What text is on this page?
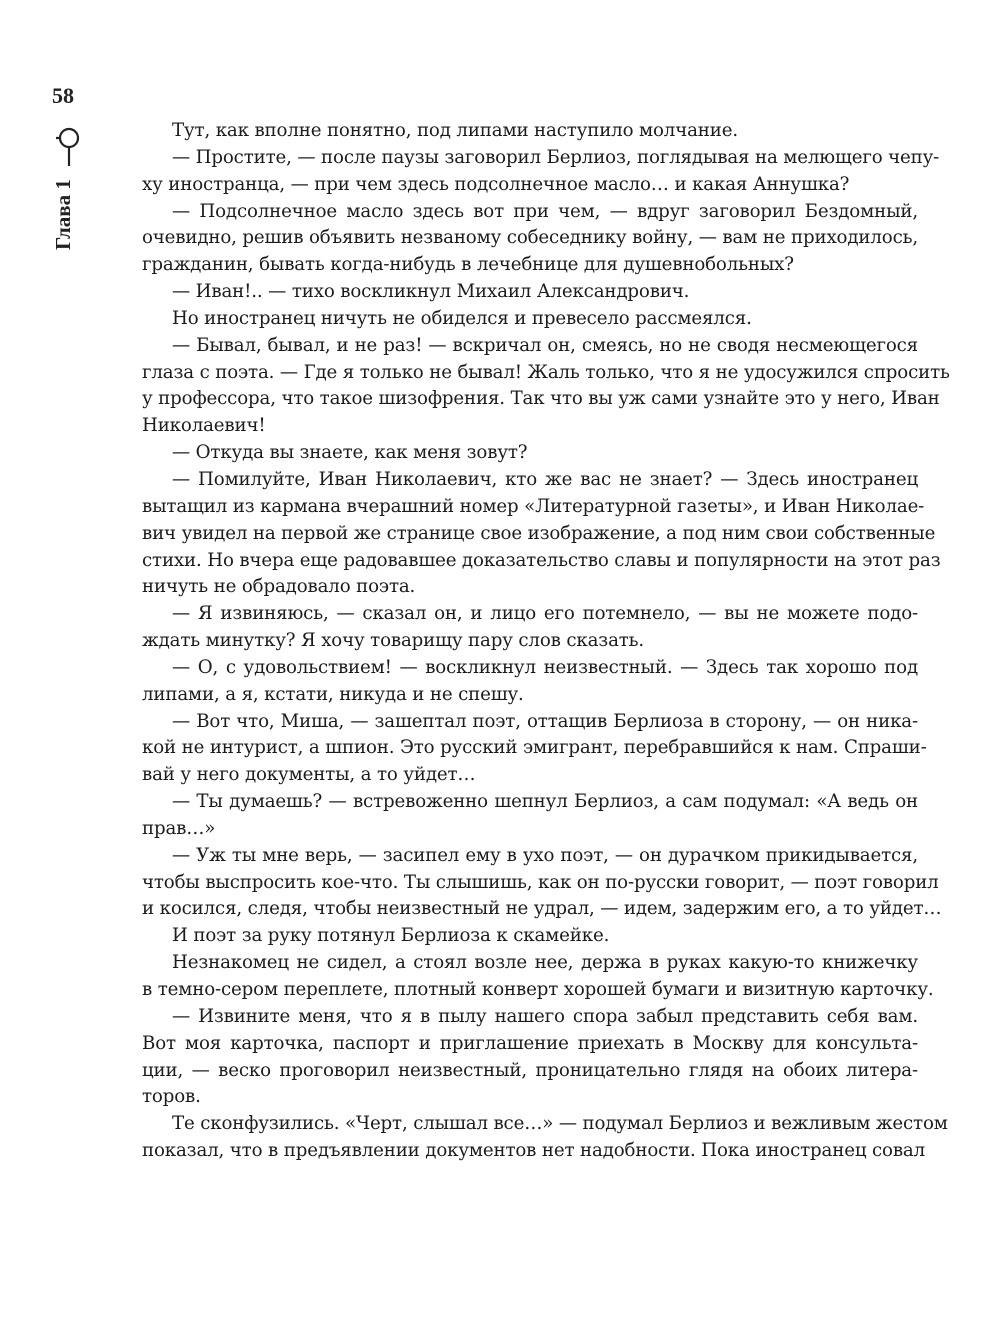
58
Глава 1
Тут, как вполне понятно, под липами наступило молчание.
— Простите, — после паузы заговорил Берлиоз, поглядывая на мелющего чепу-
ху иностранца, — при чем здесь подсолнечное масло… и какая Аннушка?
— Подсолнечное масло здесь вот при чем, — вдруг заговорил Бездомный,
очевидно, решив объявить незваному собеседнику войну, — вам не приходилось,
гражданин, бывать когда-нибудь в лечебнице для душевнобольных?
— Иван!.. — тихо воскликнул Михаил Александрович.
Но иностранец ничуть не обиделся и превесело рассмеялся.
— Бывал, бывал, и не раз! — вскричал он, смеясь, но не сводя несмеющегося
глаза с поэта. — Где я только не бывал! Жаль только, что я не удосужился спросить
у профессора, что такое шизофрения. Так что вы уж сами узнайте это у него, Иван
Николаевич!
— Откуда вы знаете, как меня зовут?
— Помилуйте, Иван Николаевич, кто же вас не знает? — Здесь иностранец
вытащил из кармана вчерашний номер «Литературной газеты», и Иван Николае-
вич увидел на первой же странице свое изображение, а под ним свои собственные
стихи. Но вчера еще радовавшее доказательство славы и популярности на этот раз
ничуть не обрадовало поэта.
— Я извиняюсь, — сказал он, и лицо его потемнело, — вы не можете подо-
ждать минутку? Я хочу товарищу пару слов сказать.
— О, с удовольствием! — воскликнул неизвестный. — Здесь так хорошо под
липами, а я, кстати, никуда и не спешу.
— Вот что, Миша, — зашептал поэт, оттащив Берлиоза в сторону, — он ника-
кой не интурист, а шпион. Это русский эмигрант, перебравшийся к нам. Спраши-
вай у него документы, а то уйдет…
— Ты думаешь? — встревоженно шепнул Берлиоз, а сам подумал: «А ведь он
прав…»
— Уж ты мне верь, — засипел ему в ухо поэт, — он дурачком прикидывается,
чтобы выспросить кое-что. Ты слышишь, как он по-русски говорит, — поэт говорил
и косился, следя, чтобы неизвестный не удрал, — идем, задержим его, а то уйдет…
И поэт за руку потянул Берлиоза к скамейке.
Незнакомец не сидел, а стоял возле нее, держа в руках какую-то книжечку
в темно-сером переплете, плотный конверт хорошей бумаги и визитную карточку.
— Извините меня, что я в пылу нашего спора забыл представить себя вам.
Вот моя карточка, паспорт и приглашение приехать в Москву для консульта-
ции, — веско проговорил неизвестный, проницательно глядя на обоих литера-
торов.
Те сконфузились. «Черт, слышал все…» — подумал Берлиоз и вежливым жестом
показал, что в предъявлении документов нет надобности. Пока иностранец совал
